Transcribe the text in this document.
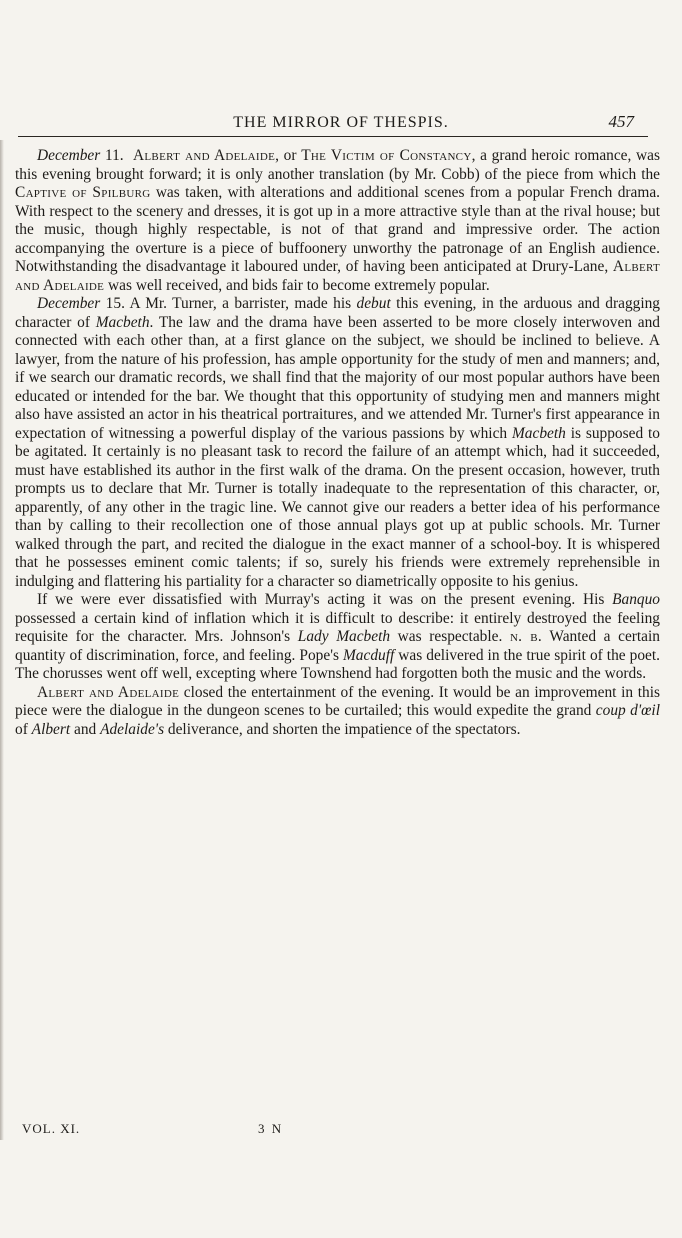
THE MIRROR OF THESPIS.	457

December 11. Albert and Adelaide, or The Victim of Constancy, a grand heroic romance, was this evening brought forward; it is only another translation (by Mr. Cobb) of the piece from which the Captive of Spilburg was taken, with alterations and additional scenes from a popular French drama. With respect to the scenery and dresses, it is got up in a more attractive style than at the rival house; but the music, though highly respectable, is not of that grand and impressive order. The action accompanying the overture is a piece of buffoonery unworthy the patronage of an English audience. Notwithstanding the disadvantage it laboured under, of having been anticipated at Drury-Lane, Albert and Adelaide was well received, and bids fair to become extremely popular.

December 15. A Mr. Turner, a barrister, made his debut this evening, in the arduous and dragging character of Macbeth. The law and the drama have been asserted to be more closely interwoven and connected with each other than, at a first glance on the subject, we should be inclined to believe. A lawyer, from the nature of his profession, has ample opportunity for the study of men and manners; and, if we search our dramatic records, we shall find that the majority of our most popular authors have been educated or intended for the bar. We thought that this opportunity of studying men and manners might also have assisted an actor in his theatrical portraitures, and we attended Mr. Turner's first appearance in expectation of witnessing a powerful display of the various passions by which Macbeth is supposed to be agitated. It certainly is no pleasant task to record the failure of an attempt which, had it succeeded, must have established its author in the first walk of the drama. On the present occasion, however, truth prompts us to declare that Mr. Turner is totally inadequate to the representation of this character, or, apparently, of any other in the tragic line. We cannot give our readers a better idea of his performance than by calling to their recollection one of those annual plays got up at public schools. Mr. Turner walked through the part, and recited the dialogue in the exact manner of a school-boy. It is whispered that he possesses eminent comic talents; if so, surely his friends were extremely reprehensible in indulging and flattering his partiality for a character so diametrically opposite to his genius.

If we were ever dissatisfied with Murray's acting it was on the present evening. His Banquo possessed a certain kind of inflation which it is difficult to describe: it entirely destroyed the feeling requisite for the character. Mrs. Johnson's Lady Macbeth was respectable. n. b. Wanted a certain quantity of discrimination, force, and feeling. Pope's Macduff was delivered in the true spirit of the poet. The chorusses went off well, excepting where Townshend had forgotten both the music and the words.

Albert and Adelaide closed the entertainment of the evening. It would be an improvement in this piece were the dialogue in the dungeon scenes to be curtailed; this would expedite the grand coup d'œil of Albert and Adelaide's deliverance, and shorten the impatience of the spectators.

VOL. XI.	3 N
